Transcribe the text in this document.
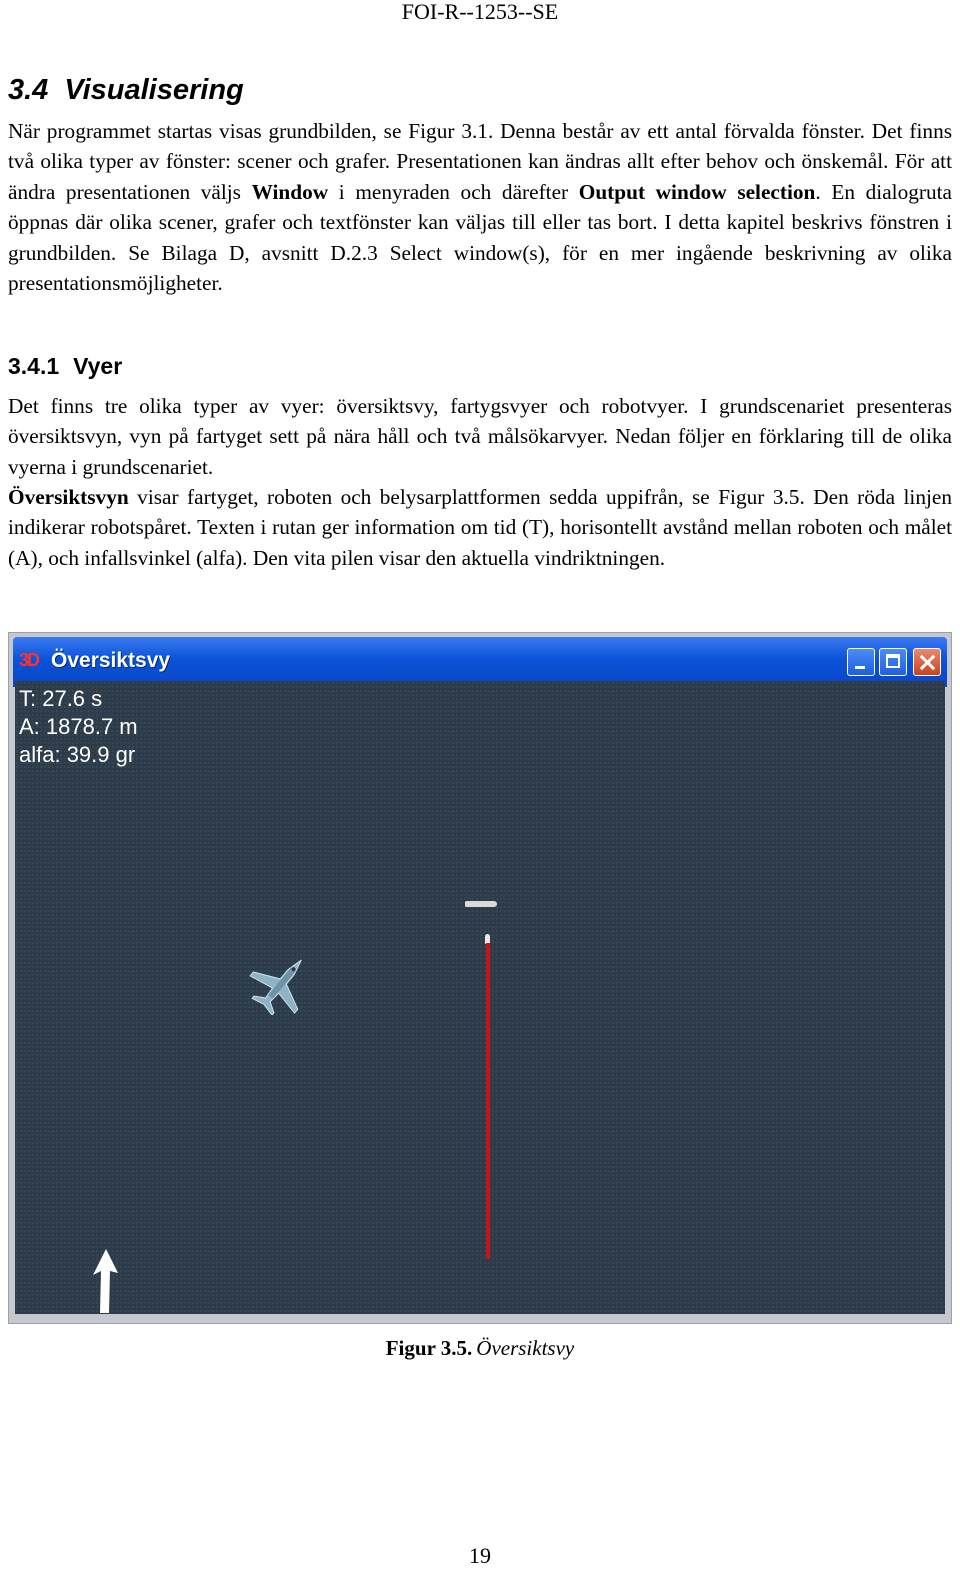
FOI-R--1253--SE
3.4 Visualisering

När programmet startas visas grundbilden, se Figur 3.1. Denna består av ett antal förvalda fönster. Det finns två olika typer av fönster: scener och grafer. Presentationen kan ändras allt efter behov och önskemål. För att ändra presentationen väljs Window i menyraden och därefter Output window selection. En dialogruta öppnas där olika scener, grafer och textfönster kan väljas till eller tas bort. I detta kapitel beskrivs fönstren i grundbilden. Se Bilaga D, avsnitt D.2.3 Select window(s), för en mer ingående beskrivning av olika presentationsmöjligheter.

3.4.1 Vyer

Det finns tre olika typer av vyer: översiktsvy, fartygsvyer och robotvyer. I grundscenariet presenteras översiktsvyn, vyn på fartyget sett på nära håll och två målsökarvyer. Nedan följer en förklaring till de olika vyerna i grundscenariet.

Översiktsvyn visar fartyget, roboten och belysarplattformen sedda uppifrån, se Figur 3.5. Den röda linjen indikerar robotspåret. Texten i rutan ger information om tid (T), horisontellt avstånd mellan roboten och målet (A), och infallsvinkel (alfa). Den vita pilen visar den aktuella vindriktningen.

3D Översiktsvy
T: 27.6 s
A: 1878.7 m
alfa: 39.9 gr
Figur 3.5. Översiktsvy
19
